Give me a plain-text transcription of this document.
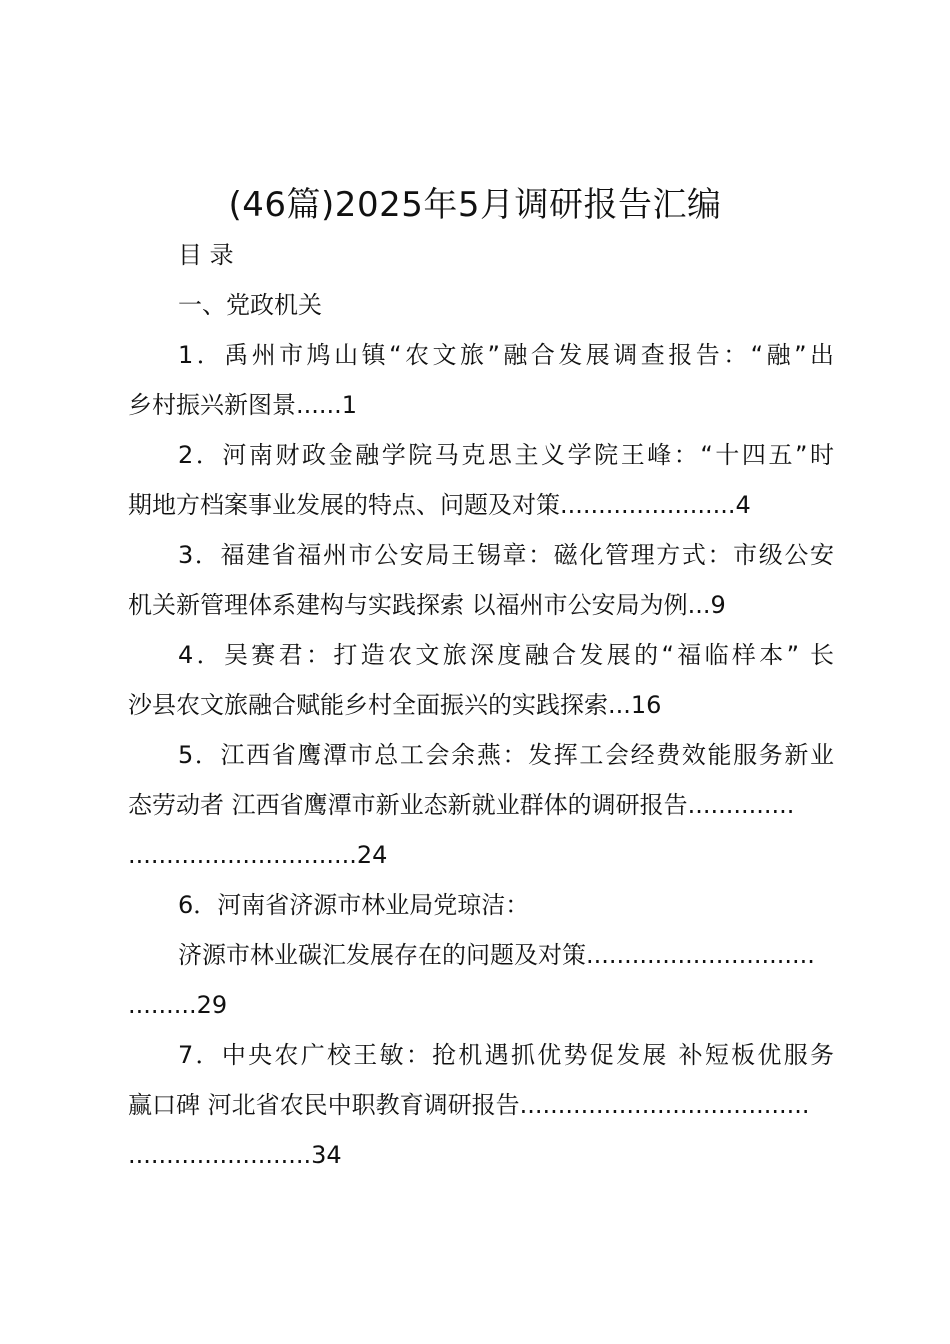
(46篇)2025年5月调研报告汇编
目 录
一、党政机关
1．禹州市鸠山镇“农文旅”融合发展调查报告：“融”出
乡村振兴新图景......1
2．河南财政金融学院马克思主义学院王峰：“十四五”时
期地方档案事业发展的特点、问题及对策.......................4
3．福建省福州市公安局王锡章：磁化管理方式：市级公安
机关新管理体系建构与实践探索 以福州市公安局为例...9
4．吴赛君：打造农文旅深度融合发展的“福临样本” 长
沙县农文旅融合赋能乡村全面振兴的实践探索...16
5．江西省鹰潭市总工会余燕：发挥工会经费效能服务新业
态劳动者 江西省鹰潭市新业态新就业群体的调研报告..............
..............................24
6．河南省济源市林业局党琼洁：
济源市林业碳汇发展存在的问题及对策..............................
.........29
7．中央农广校王敏：抢机遇抓优势促发展 补短板优服务
赢口碑 河北省农民中职教育调研报告......................................
........................34
